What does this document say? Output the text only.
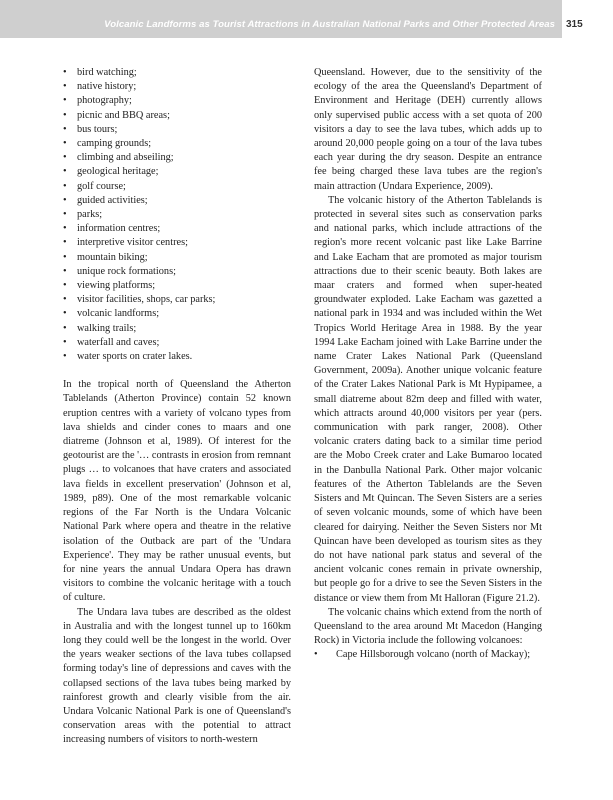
Volcanic Landforms as Tourist Attractions in Australian National Parks and Other Protected Areas 315
• bird watching;
• native history;
• photography;
• picnic and BBQ areas;
• bus tours;
• camping grounds;
• climbing and abseiling;
• geological heritage;
• golf course;
• guided activities;
• parks;
• information centres;
• interpretive visitor centres;
• mountain biking;
• unique rock formations;
• viewing platforms;
• visitor facilities, shops, car parks;
• volcanic landforms;
• walking trails;
• waterfall and caves;
• water sports on crater lakes.

In the tropical north of Queensland the Atherton Tablelands (Atherton Province) contain 52 known eruption centres with a variety of volcano types from lava shields and cinder cones to maars and one diatreme (Johnson et al, 1989). Of interest for the geotourist are the '… contrasts in erosion from remnant plugs … to volcanoes that have craters and associated lava fields in excellent preservation' (Johnson et al, 1989, p89). One of the most remarkable volcanic regions of the Far North is the Undara Volcanic National Park where opera and theatre in the relative isolation of the Outback are part of the 'Undara Experience'. They may be rather unusual events, but for nine years the annual Undara Opera has drawn visitors to combine the volcanic heritage with a touch of culture.

The Undara lava tubes are described as the oldest in Australia and with the longest tunnel up to 160km long they could well be the longest in the world. Over the years weaker sections of the lava tubes collapsed forming today's line of depressions and caves with the collapsed sections of the lava tubes being marked by rainforest growth and clearly visible from the air. Undara Volcanic National Park is one of Queensland's conservation areas with the potential to attract increasing numbers of visitors to north-western

Queensland. However, due to the sensitivity of the ecology of the area the Queensland's Department of Environment and Heritage (DEH) currently allows only supervised public access with a set quota of 200 visitors a day to see the lava tubes, which adds up to around 20,000 people going on a tour of the lava tubes each year during the dry season. Despite an entrance fee being charged these lava tubes are the region's main attraction (Undara Experience, 2009).

The volcanic history of the Atherton Tablelands is protected in several sites such as conservation parks and national parks, which include attractions of the region's more recent volcanic past like Lake Barrine and Lake Eacham that are promoted as major tourism attractions due to their scenic beauty. Both lakes are maar craters and formed when super-heated groundwater exploded. Lake Eacham was gazetted a national park in 1934 and was included within the Wet Tropics World Heritage Area in 1988. By the year 1994 Lake Eacham joined with Lake Barrine under the name Crater Lakes National Park (Queensland Government, 2009a). Another unique volcanic feature of the Crater Lakes National Park is Mt Hypipamee, a small diatreme about 82m deep and filled with water, which attracts around 40,000 visitors per year (pers. communication with park ranger, 2008). Other volcanic craters dating back to a similar time period are the Mobo Creek crater and Lake Bumaroo located in the Danbulla National Park. Other major volcanic features of the Atherton Tablelands are the Seven Sisters and Mt Quincan. The Seven Sisters are a series of seven volcanic mounds, some of which have been cleared for dairying. Neither the Seven Sisters nor Mt Quincan have been developed as tourism sites as they do not have national park status and several of the ancient volcanic cones remain in private ownership, but people go for a drive to see the Seven Sisters in the distance or view them from Mt Halloran (Figure 21.2).

The volcanic chains which extend from the north of Queensland to the area around Mt Macedon (Hanging Rock) in Victoria include the following volcanoes:

• Cape Hillsborough volcano (north of Mackay);
